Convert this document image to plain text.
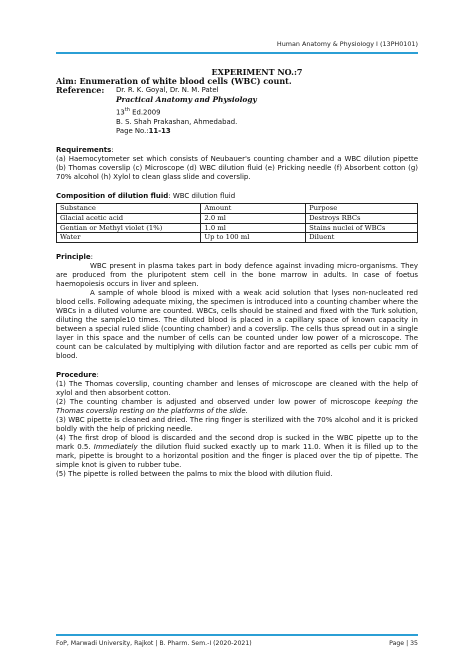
Human Anatomy & Physiology I (13PH0101)
EXPERIMENT NO.:7
Aim: Enumeration of white blood cells (WBC) count.
Reference:	Dr. R. K. Goyal, Dr. N. M. Patel
Practical Anatomy and Physiology
13th Ed.2009
B. S. Shah Prakashan, Ahmedabad.
Page No.:11-13
Requirements:
(a) Haemocytometer set which consists of Neubauer's counting chamber and a WBC dilution pipette (b) Thomas coverslip (c) Microscope (d) WBC dilution fluid (e) Pricking needle (f) Absorbent cotton (g) 70% alcohol (h) Xylol to clean glass slide and coverslip.
Composition of dilution fluid: WBC dilution fluid
Substance	Amount	Purpose
Glacial acetic acid	2.0 ml	Destroys RBCs
Gentian or Methyl violet (1%)	1.0 ml	Stains nuclei of WBCs
Water	Up to 100 ml	Diluent
Principle:

WBC present in plasma takes part in body defence against invading micro-organisms. They are produced from the pluripotent stem cell in the bone marrow in adults. In case of foetus haemopoiesis occurs in liver and spleen.

A sample of whole blood is mixed with a weak acid solution that lyses non-nucleated red blood cells. Following adequate mixing, the specimen is introduced into a counting chamber where the WBCs in a diluted volume are counted. WBCs, cells should be stained and fixed with the Turk solution, diluting the sample10 times. The diluted blood is placed in a capillary space of known capacity in between a special ruled slide (counting chamber) and a coverslip. The cells thus spread out in a single layer in this space and the number of cells can be counted under low power of a microscope. The count can be calculated by multiplying with dilution factor and are reported as cells per cubic mm of blood.

Procedure:

(1) The Thomas coverslip, counting chamber and lenses of microscope are cleaned with the help of xylol and then absorbent cotton.

(2) The counting chamber is adjusted and observed under low power of microscope keeping the Thomas coverslip resting on the platforms of the slide.

(3) WBC pipette is cleaned and dried. The ring finger is sterilized with the 70% alcohol and it is pricked boldly with the help of pricking needle.

(4) The first drop of blood is discarded and the second drop is sucked in the WBC pipette up to the mark 0.5. Immediately the dilution fluid sucked exactly up to mark 11.0. When it is filled up to the mark, pipette is brought to a horizontal position and the finger is placed over the tip of pipette. The simple knot is given to rubber tube.

(5) The pipette is rolled between the palms to mix the blood with dilution fluid.

FoP, Marwadi University, Rajkot | B. Pharm. Sem.-I (2020-2021)	Page | 35
